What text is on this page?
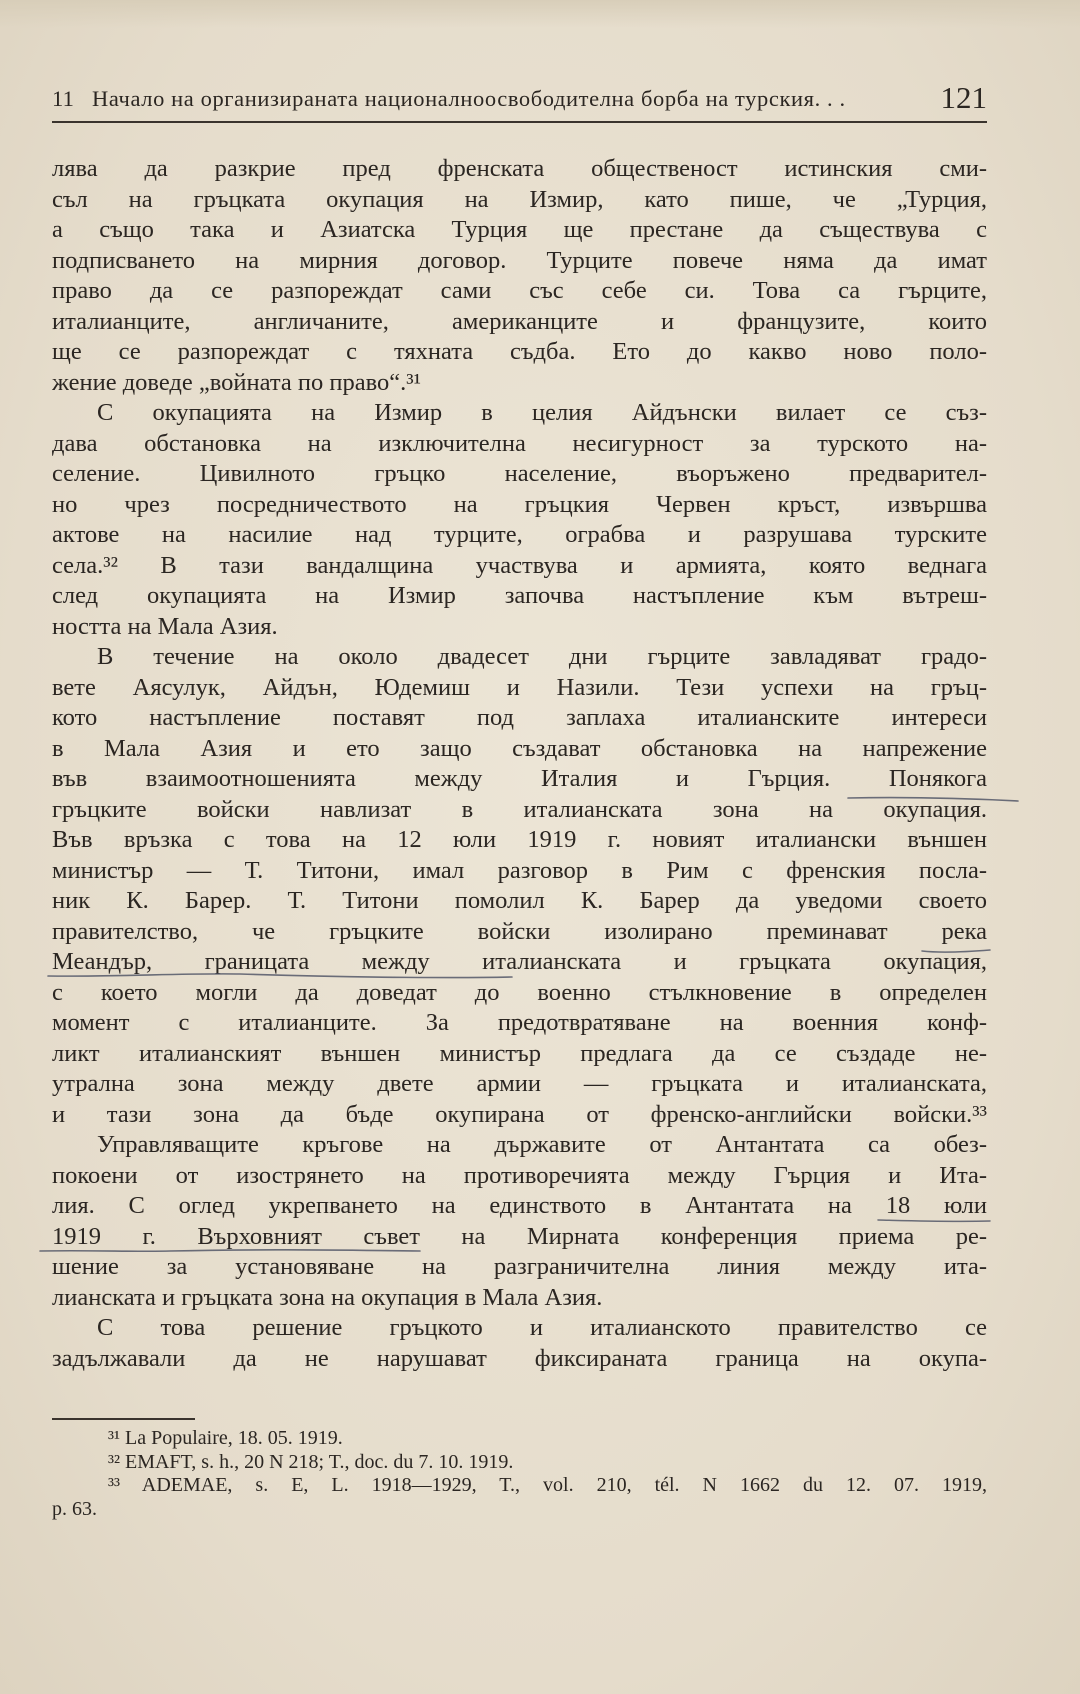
11 Начало на организираната националноосвободителна борба на турския. . .	121
лява да разкрие пред френската общественост истинския сми-
съл на гръцката окупация на Измир, като пише, че „Турция,
а също така и Азиатска Турция ще престане да съществува с
подписването на мирния договор. Турците повече няма да имат
право да се разпореждат сами със себе си. Това са гърците,
италианците, англичаните, американците и французите, които
ще се разпореждат с тяхната съдба. Ето до какво ново поло-
жение доведе „войната по право“.³¹
С окупацията на Измир в целия Айдънски вилает се съз-
дава обстановка на изключителна несигурност за турското на-
селение. Цивилното гръцко население, въоръжено предварител-
но чрез посредничеството на гръцкия Червен кръст, извършва
актове на насилие над турците, ограбва и разрушава турските
села.³² В тази вандалщина участвува и армията, която веднага
след окупацията на Измир започва настъпление към вътреш-
ността на Мала Азия.
В течение на около двадесет дни гърците завладяват градо-
вете Аясулук, Айдън, Юдемиш и Назили. Тези успехи на гръц-
кото настъпление поставят под заплаха италианските интереси
в Мала Азия и ето защо създават обстановка на напрежение
във взаимоотношенията между Италия и Гърция. Понякога
гръцките войски навлизат в италианската зона на окупация.
Във връзка с това на 12 юли 1919 г. новият италиански външен
министър — Т. Титони, имал разговор в Рим с френския посла-
ник К. Барер. Т. Титони помолил К. Барер да уведоми своето
правителство, че гръцките войски изолирано преминават река
Меандър, границата между италианската и гръцката окупация,
с което могли да доведат до военно стълкновение в определен
момент с италианците. За предотвратяване на военния конф-
ликт италианският външен министър предлага да се създаде не-
утрална зона между двете армии — гръцката и италианската,
и тази зона да бъде окупирана от френско-английски войски.³³
Управляващите кръгове на държавите от Антантата са обез-
покоени от изострянето на противоречията между Гърция и Ита-
лия. С оглед укрепването на единството в Антантата на 18 юли
1919 г. Върховният съвет на Мирната конференция приема ре-
шение за установяване на разграничителна линия между ита-
лианската и гръцката зона на окупация в Мала Азия.
С това решение гръцкото и италианското правителство се
задължавали да не нарушават фиксираната граница на окупа-
³¹ La Populaire, 18. 05. 1919.
³² EMAFT, s. h., 20 N 218; T., doc. du 7. 10. 1919.
³³ ADEMAE, s. E, L. 1918—1929, T., vol. 210, tél. N 1662 du 12. 07. 1919,
p. 63.
